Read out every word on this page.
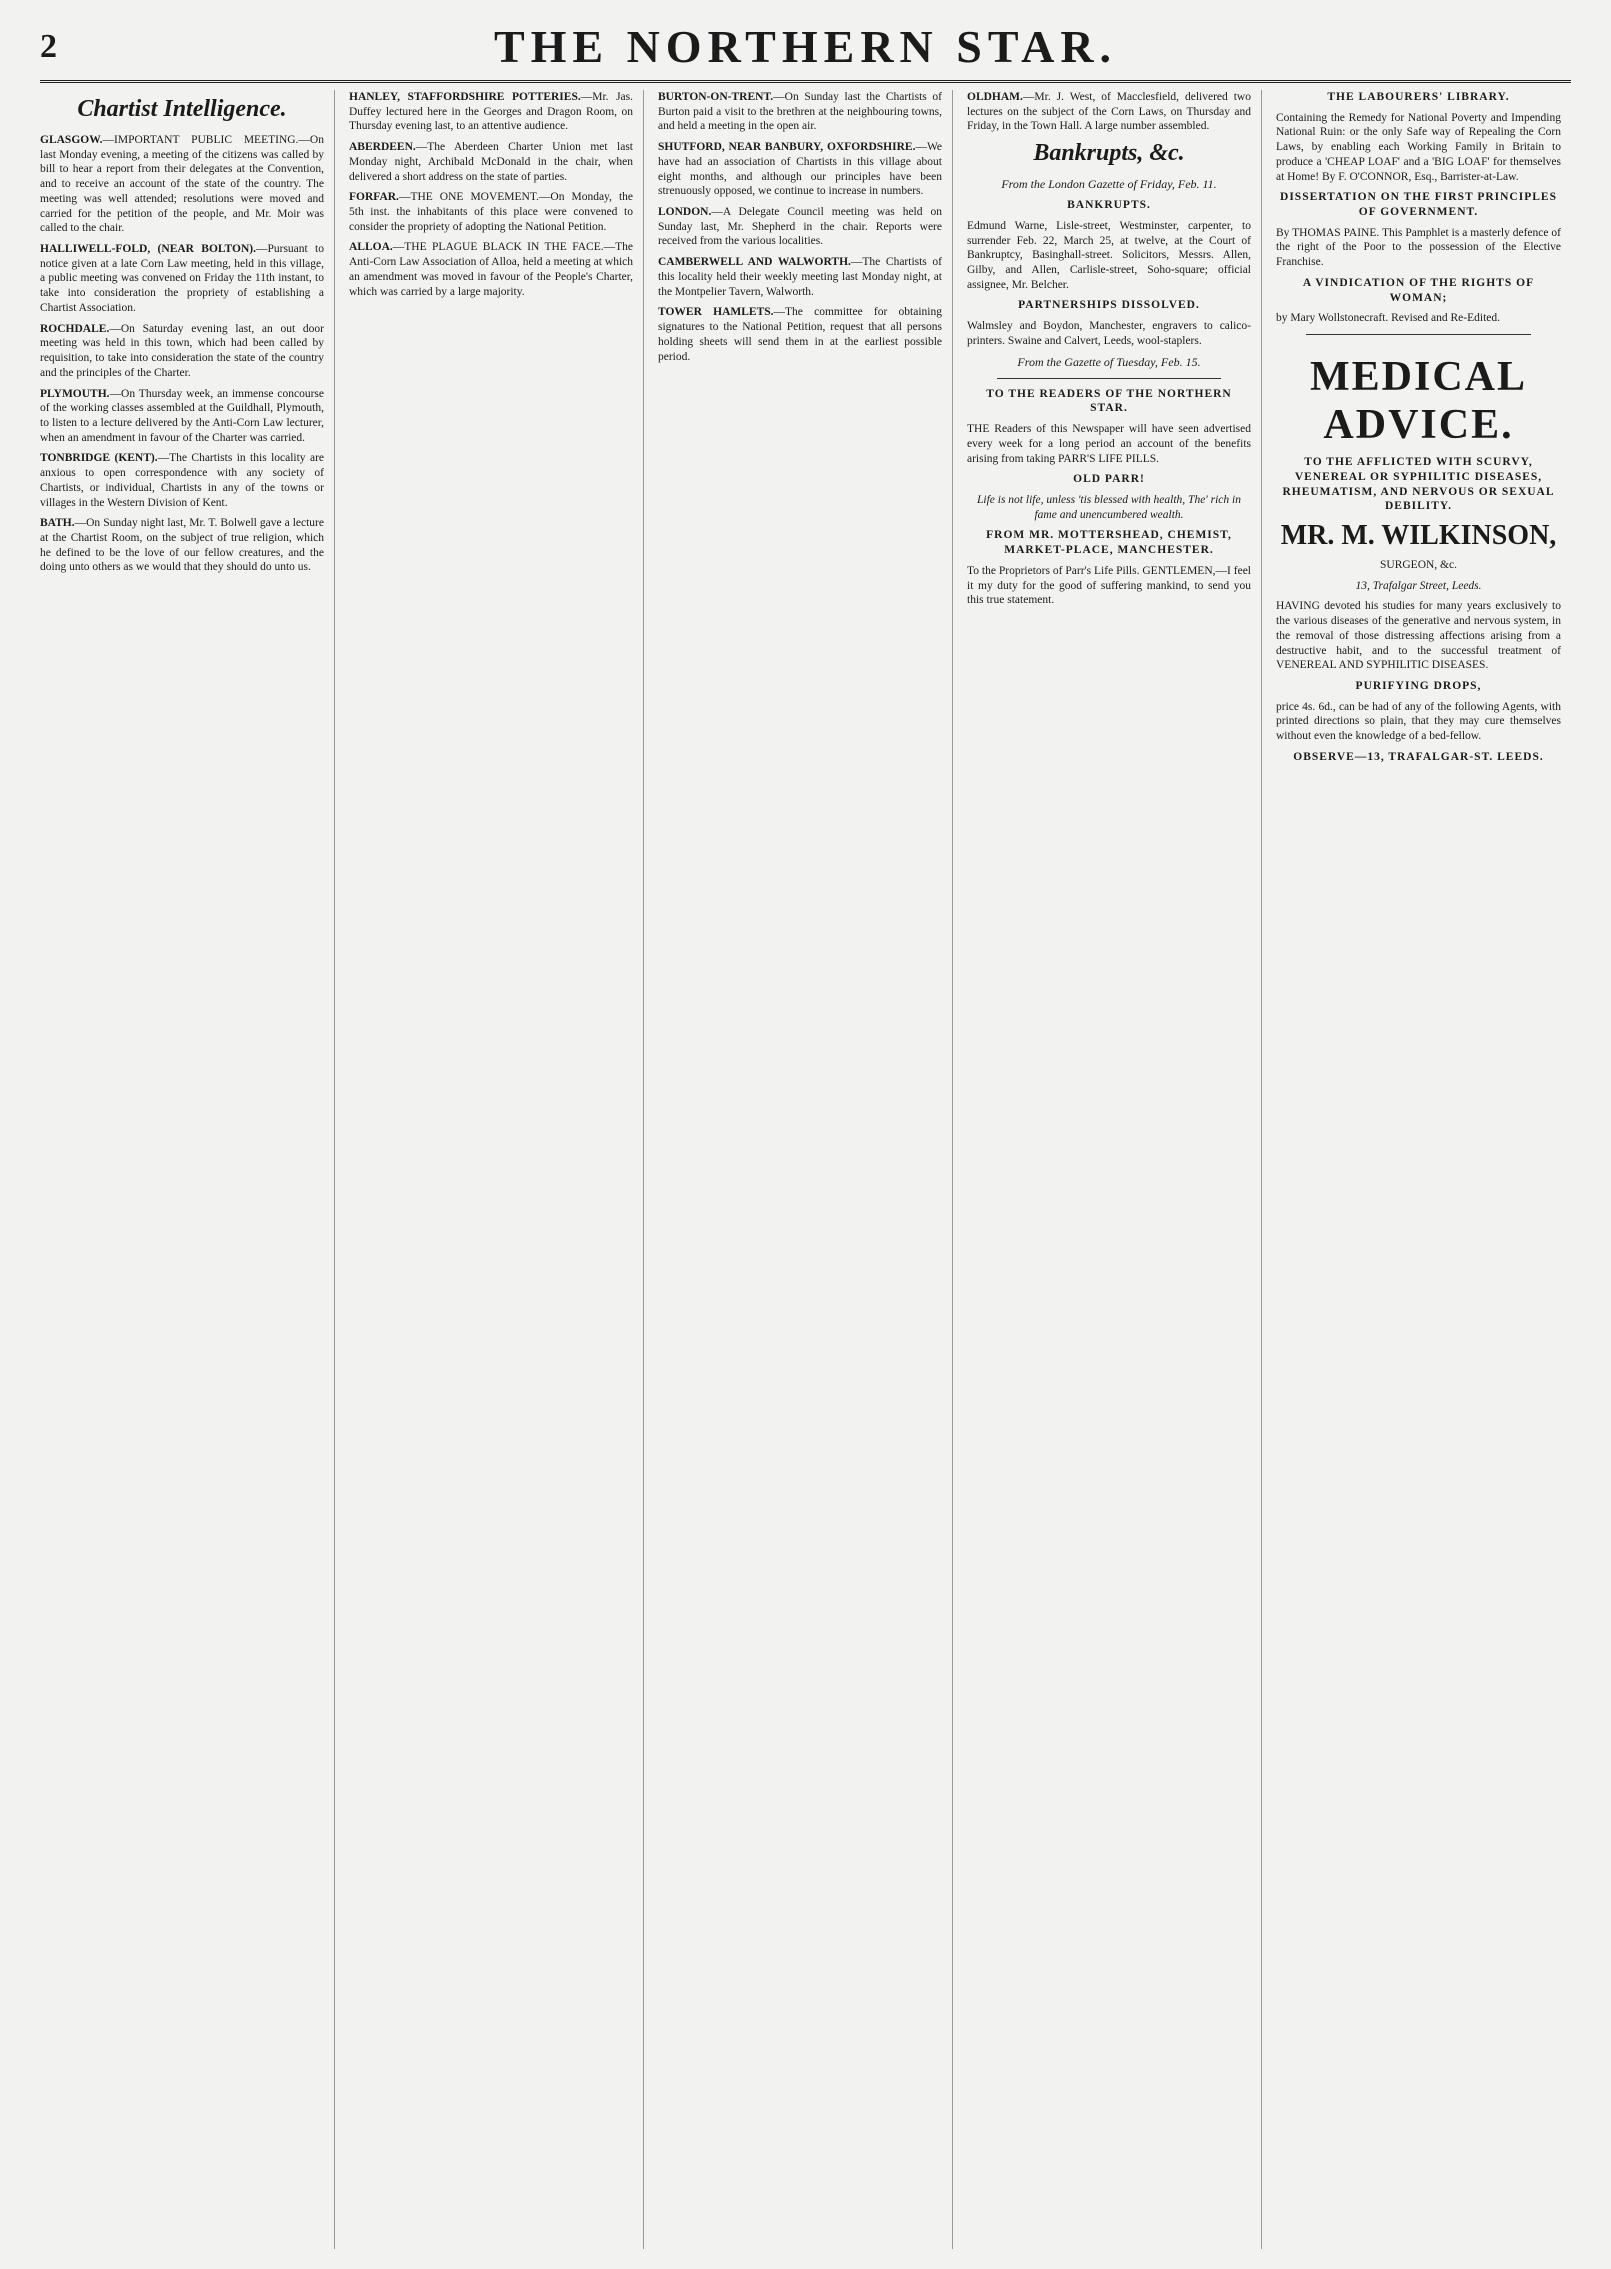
2	THE NORTHERN STAR.
Chartist Intelligence.

GLASGOW.—IMPORTANT PUBLIC MEETING.—On last Monday evening, a meeting of the citizens was called by bill to hear a report from their delegates at the Convention, and to receive an account of the state of the country. The meeting was well attended; resolutions were moved and carried for the petition of the people, and Mr. Moir was called to the chair.

HALLIWELL-FOLD, (NEAR BOLTON).—Pursuant to notice given at a late Corn Law meeting, held in this village, a public meeting was convened on Friday the 11th instant, to take into consideration the propriety of establishing a Chartist Association.

ROCHDALE.—On Saturday evening last, an out door meeting was held in this town, which had been called by requisition, to take into consideration the state of the country and the principles of the Charter.

PLYMOUTH.—On Thursday week, an immense concourse of the working classes assembled at the Guildhall, Plymouth, to listen to a lecture delivered by the Anti-Corn Law lecturer, when an amendment in favour of the Charter was carried.

TONBRIDGE (KENT).—The Chartists in this locality are anxious to open correspondence with any society of Chartists, or individual, Chartists in any of the towns or villages in the Western Division of Kent.

BATH.—On Sunday night last, Mr. T. Bolwell gave a lecture at the Chartist Room, on the subject of true religion, which he defined to be the love of our fellow creatures, and the doing unto others as we would that they should do unto us.

HANLEY, STAFFORDSHIRE POTTERIES.—Mr. Jas. Duffey lectured here in the Georges and Dragon Room, on Thursday evening last, to an attentive audience.

ABERDEEN.—The Aberdeen Charter Union met last Monday night, Archibald McDonald in the chair, when delivered a short address on the state of parties.

FORFAR.—THE ONE MOVEMENT.—On Monday, the 5th inst. the inhabitants of this place were convened to consider the propriety of adopting the National Petition.

ALLOA.—THE PLAGUE BLACK IN THE FACE.—The Anti-Corn Law Association of Alloa, held a meeting at which an amendment was moved in favour of the People's Charter, which was carried by a large majority.

BURTON-ON-TRENT.—On Sunday last the Chartists of Burton paid a visit to the brethren at the neighbouring towns, and held a meeting in the open air.

SHUTFORD, NEAR BANBURY, OXFORDSHIRE.—We have had an association of Chartists in this village about eight months, and although our principles have been strenuously opposed, we continue to increase in numbers.

LONDON.—A Delegate Council meeting was held on Sunday last, Mr. Shepherd in the chair. Reports were received from the various localities.

CAMBERWELL AND WALWORTH.—The Chartists of this locality held their weekly meeting last Monday night, at the Montpelier Tavern, Walworth.

TOWER HAMLETS.—The committee for obtaining signatures to the National Petition, request that all persons holding sheets will send them in at the earliest possible period.

OLDHAM.—Mr. J. West, of Macclesfield, delivered two lectures on the subject of the Corn Laws, on Thursday and Friday, in the Town Hall. A large number assembled.

Bankrupts, &c.
From the London Gazette of Friday, Feb. 11.

BANKRUPTS.

Edmund Warne, Lisle-street, Westminster, carpenter, to surrender Feb. 22, March 25, at twelve, at the Court of Bankruptcy, Basinghall-street. Solicitors, Messrs. Allen, Gilby, and Allen, Carlisle-street, Soho-square; official assignee, Mr. Belcher.

PARTNERSHIPS DISSOLVED.

Walmsley and Boydon, Manchester, engravers to calico-printers. Swaine and Calvert, Leeds, wool-staplers.

From the Gazette of Tuesday, Feb. 15.

TO THE READERS OF THE NORTHERN STAR.

THE Readers of this Newspaper will have seen advertised every week for a long period an account of the benefits arising from taking PARR'S LIFE PILLS.

OLD PARR!

Life is not life, unless 'tis blessed with health, The' rich in fame and unencumbered wealth.

FROM MR. MOTTERSHEAD, CHEMIST, MARKET-PLACE, MANCHESTER.

To the Proprietors of Parr's Life Pills. GENTLEMEN,—I feel it my duty for the good of suffering mankind, to send you this true statement.

THE LABOURERS' LIBRARY.

Containing the Remedy for National Poverty and Impending National Ruin: or the only Safe way of Repealing the Corn Laws, by enabling each Working Family in Britain to produce a 'CHEAP LOAF' and a 'BIG LOAF' for themselves at Home! By F. O'CONNOR, Esq., Barrister-at-Law.

DISSERTATION ON THE FIRST PRINCIPLES OF GOVERNMENT.

By THOMAS PAINE. This Pamphlet is a masterly defence of the right of the Poor to the possession of the Elective Franchise.

A VINDICATION OF THE RIGHTS OF WOMAN;

by Mary Wollstonecraft. Revised and Re-Edited.

MEDICAL ADVICE.

TO THE AFFLICTED WITH SCURVY, VENEREAL OR SYPHILITIC DISEASES, RHEUMATISM, AND NERVOUS OR SEXUAL DEBILITY.

MR. M. WILKINSON,

SURGEON, &c.

13, Trafalgar Street, Leeds.

HAVING devoted his studies for many years exclusively to the various diseases of the generative and nervous system, in the removal of those distressing affections arising from a destructive habit, and to the successful treatment of VENEREAL AND SYPHILITIC DISEASES.

PURIFYING DROPS,

price 4s. 6d., can be had of any of the following Agents, with printed directions so plain, that they may cure themselves without even the knowledge of a bed-fellow.

OBSERVE—13, TRAFALGAR-ST. LEEDS.
